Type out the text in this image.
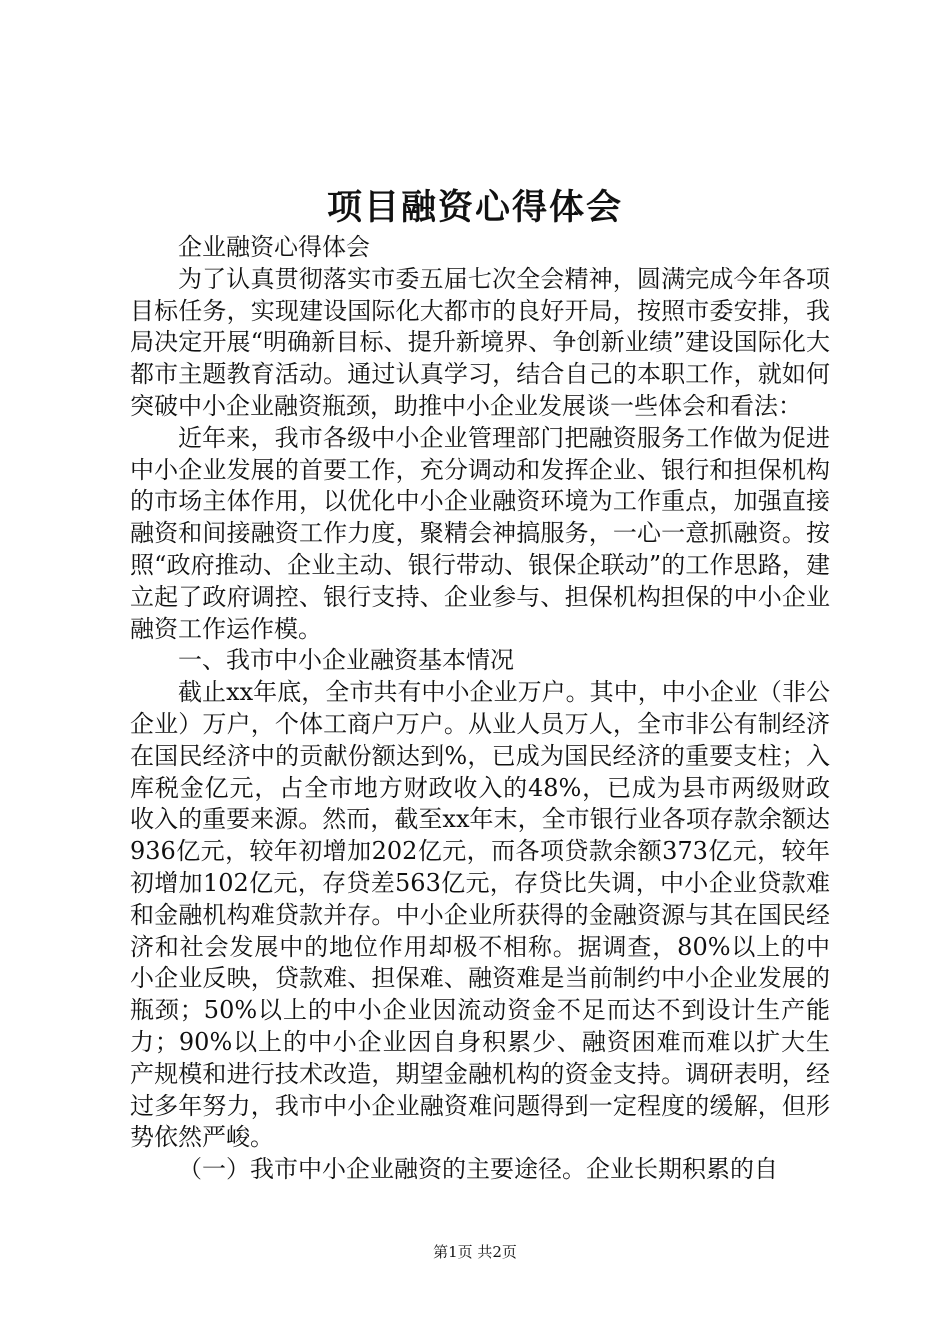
项目融资心得体会

企业融资心得体会

为了认真贯彻落实市委五届七次全会精神，圆满完成今年各项目标任务，实现建设国际化大都市的良好开局，按照市委安排，我局决定开展“明确新目标、提升新境界、争创新业绩”建设国际化大都市主题教育活动。通过认真学习，结合自己的本职工作，就如何突破中小企业融资瓶颈，助推中小企业发展谈一些体会和看法：

近年来，我市各级中小企业管理部门把融资服务工作做为促进中小企业发展的首要工作，充分调动和发挥企业、银行和担保机构的市场主体作用，以优化中小企业融资环境为工作重点，加强直接融资和间接融资工作力度，聚精会神搞服务，一心一意抓融资。按照“政府推动、企业主动、银行带动、银保企联动”的工作思路，建立起了政府调控、银行支持、企业参与、担保机构担保的中小企业融资工作运作模。

一、我市中小企业融资基本情况

截止xx年底，全市共有中小企业万户。其中，中小企业（非公企业）万户，个体工商户万户。从业人员万人，全市非公有制经济在国民经济中的贡献份额达到%，已成为国民经济的重要支柱；入库税金亿元，占全市地方财政收入的48%，已成为县市两级财政收入的重要来源。然而，截至xx年末，全市银行业各项存款余额达936亿元，较年初增加202亿元，而各项贷款余额373亿元，较年初增加102亿元，存贷差563亿元，存贷比失调，中小企业贷款难和金融机构难贷款并存。中小企业所获得的金融资源与其在国民经济和社会发展中的地位作用却极不相称。据调查，80%以上的中小企业反映，贷款难、担保难、融资难是当前制约中小企业发展的瓶颈；50%以上的中小企业因流动资金不足而达不到设计生产能力；90%以上的中小企业因自身积累少、融资困难而难以扩大生产规模和进行技术改造，期望金融机构的资金支持。调研表明，经过多年努力，我市中小企业融资难问题得到一定程度的缓解，但形势依然严峻。

（一）我市中小企业融资的主要途径。企业长期积累的自

第1页 共2页
